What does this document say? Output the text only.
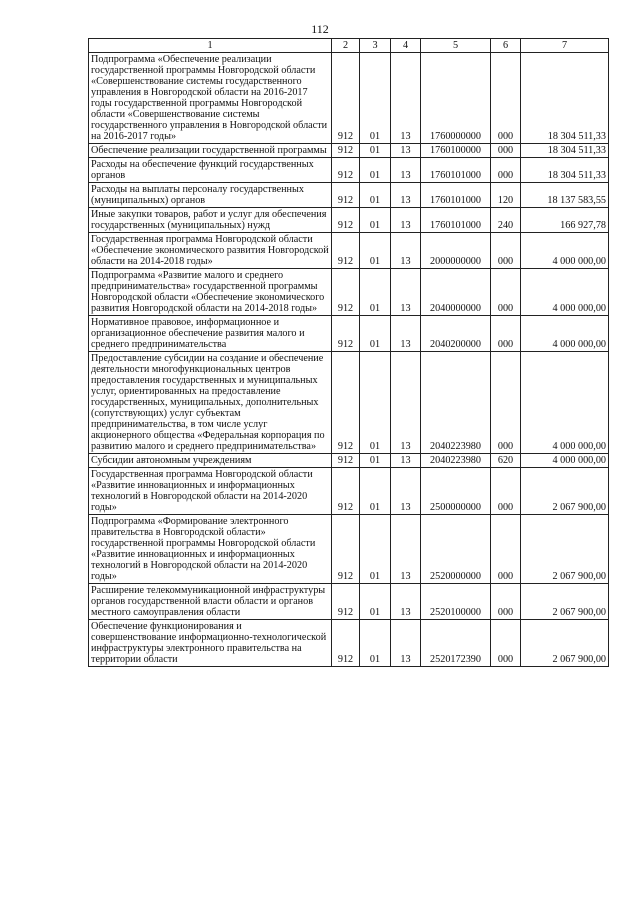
112
1	2	3	4	5	6	7
Подпрограмма «Обеспечение реализации государственной программы Новгородской области «Совершенствование системы государственного управления в Новгородской области на 2016-2017 годы государственной программы Новгородской области «Совершенствование системы государственного управления в Новгородской области на 2016-2017 годы»	912	01	13	1760000000	000	18 304 511,33
Обеспечение реализации государственной программы	912	01	13	1760100000	000	18 304 511,33
Расходы на обеспечение функций государственных органов	912	01	13	1760101000	000	18 304 511,33
Расходы на выплаты персоналу государственных (муниципальных) органов	912	01	13	1760101000	120	18 137 583,55
Иные закупки товаров, работ и услуг для обеспечения государственных (муниципальных) нужд	912	01	13	1760101000	240	166 927,78
Государственная программа Новгородской области «Обеспечение экономического развития Новгородской области на 2014-2018 годы»	912	01	13	2000000000	000	4 000 000,00
Подпрограмма «Развитие малого и среднего предпринимательства» государственной программы Новгородской области «Обеспечение экономического развития Новгородской области на 2014-2018 годы»	912	01	13	2040000000	000	4 000 000,00
Нормативное правовое, информационное и организационное обеспечение развития малого и среднего предпринимательства	912	01	13	2040200000	000	4 000 000,00
Предоставление субсидии на создание и обеспечение деятельности многофункциональных центров предоставления государственных и муниципальных услуг, ориентированных на предоставление государственных, муниципальных, дополнительных (сопутствующих) услуг субъектам предпринимательства, в том числе услуг акционерного общества «Федеральная корпорация по развитию малого и среднего предпринимательства»	912	01	13	2040223980	000	4 000 000,00
Субсидии автономным учреждениям	912	01	13	2040223980	620	4 000 000,00
Государственная программа Новгородской области «Развитие инновационных и информационных технологий в Новгородской области на 2014-2020 годы»	912	01	13	2500000000	000	2 067 900,00
Подпрограмма «Формирование электронного правительства в Новгородской области» государственной программы Новгородской области «Развитие инновационных и информационных технологий в Новгородской области на 2014-2020 годы»	912	01	13	2520000000	000	2 067 900,00
Расширение телекоммуникационной инфраструктуры органов государственной власти области и органов местного самоуправления области	912	01	13	2520100000	000	2 067 900,00
Обеспечение функционирования и совершенствование информационно-технологической инфраструктуры электронного правительства на территории области	912	01	13	2520172390	000	2 067 900,00
